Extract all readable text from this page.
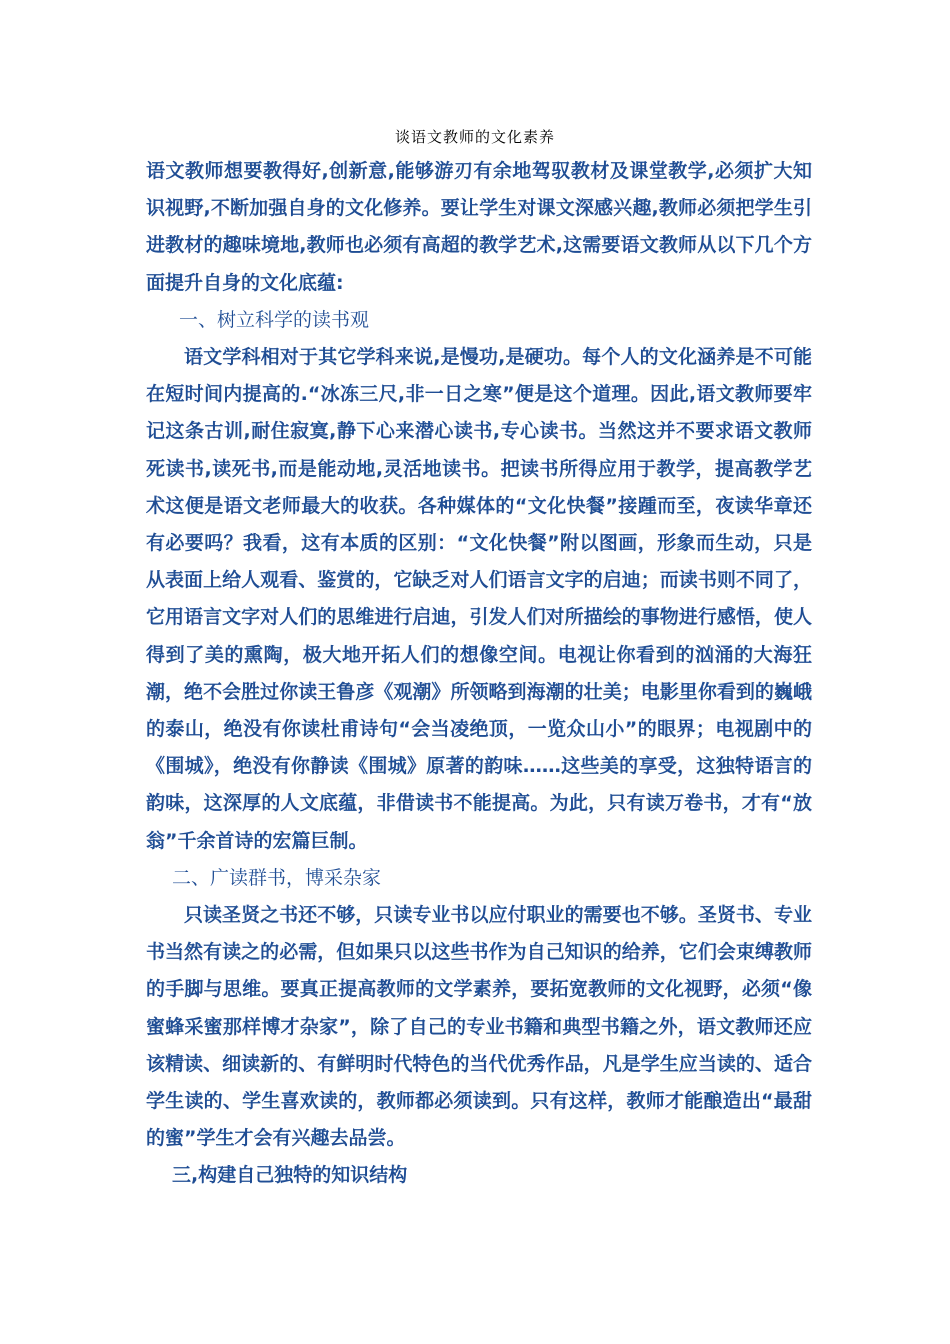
谈语文教师的文化素养

语文教师想要教得好,创新意,能够游刃有余地驾驭教材及课堂教学,必须扩大知识视野,不断加强自身的文化修养。要让学生对课文深感兴趣,教师必须把学生引进教材的趣味境地,教师也必须有高超的教学艺术,这需要语文教师从以下几个方面提升自身的文化底蕴:

一、树立科学的读书观

语文学科相对于其它学科来说,是慢功,是硬功。每个人的文化涵养是不可能在短时间内提高的.“冰冻三尺,非一日之寒”便是这个道理。因此,语文教师要牢记这条古训,耐住寂寞,静下心来潜心读书,专心读书。当然这并不要求语文教师死读书,读死书,而是能动地,灵活地读书。把读书所得应用于教学，提高教学艺术这便是语文老师最大的收获。各种媒体的“文化快餐”接踵而至，夜读华章还有必要吗？我看，这有本质的区别：“文化快餐”附以图画，形象而生动，只是从表面上给人观看、鉴赏的，它缺乏对人们语言文字的启迪；而读书则不同了，它用语言文字对人们的思维进行启迪，引发人们对所描绘的事物进行感悟，使人得到了美的熏陶，极大地开拓人们的想像空间。电视让你看到的汹涌的大海狂潮，绝不会胜过你读王鲁彦《观潮》所领略到海潮的壮美；电影里你看到的巍峨的泰山，绝没有你读杜甫诗句“会当凌绝顶，一览众山小”的眼界；电视剧中的《围城》，绝没有你静读《围城》原著的韵味……这些美的享受，这独特语言的韵味，这深厚的人文底蕴，非借读书不能提高。为此，只有读万卷书，才有“放翁”千余首诗的宏篇巨制。

二、广读群书，博采杂家

只读圣贤之书还不够，只读专业书以应付职业的需要也不够。圣贤书、专业书当然有读之的必需，但如果只以这些书作为自己知识的给养，它们会束缚教师的手脚与思维。要真正提高教师的文学素养，要拓宽教师的文化视野，必须“像蜜蜂采蜜那样博才杂家”，除了自己的专业书籍和典型书籍之外，语文教师还应该精读、细读新的、有鲜明时代特色的当代优秀作品，凡是学生应当读的、适合学生读的、学生喜欢读的，教师都必须读到。只有这样，教师才能酿造出“最甜的蜜”学生才会有兴趣去品尝。

三,构建自己独特的知识结构
